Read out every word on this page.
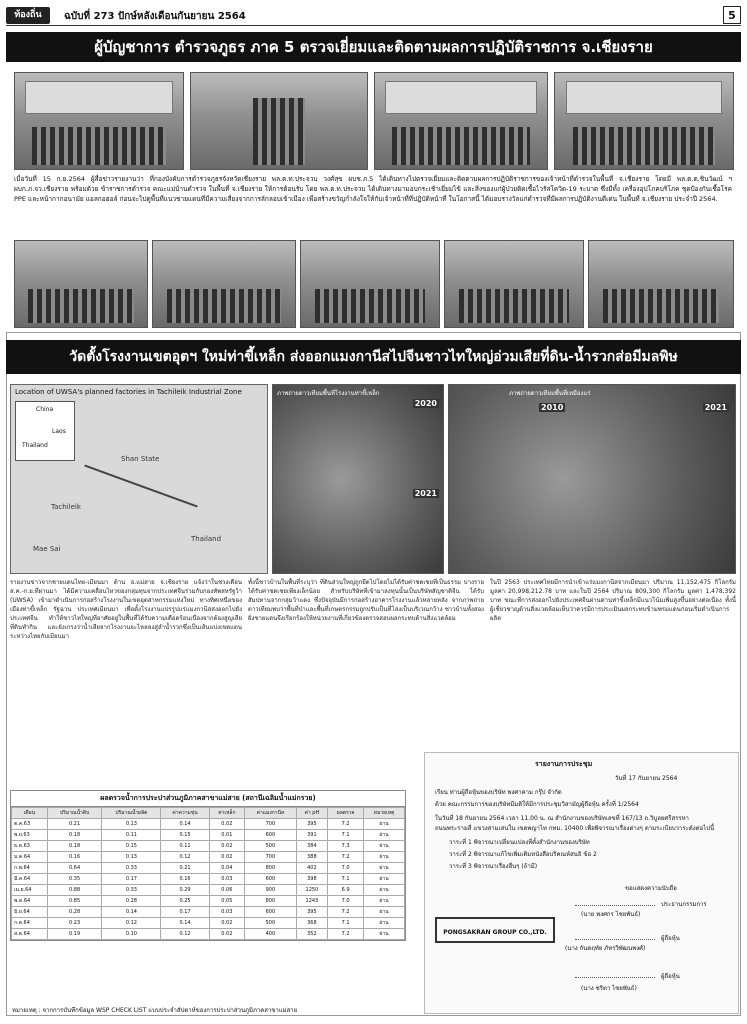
ท้องถิ่น	ฉบับที่ 273 ปักษ์หลังเดือนกันยายน 2564	5
ผู้บัญชาการ ตำรวจภูธร ภาค 5 ตรวจเยี่ยมและติดตามผลการปฏิบัติราชการ จ.เชียงราย
เมื่อวันที่ 15 ก.ย.2564 ผู้สื่อข่าวรายงานว่า ที่กองบังคับการตำรวจภูธรจังหวัดเชียงราย พล.ต.ท.ประจวบ วงศ์สุข ผบช.ภ.5 ได้เดินทางไปตรวจเยี่ยมและติดตามผลการปฏิบัติราชการของเจ้าหน้าที่ตำรวจในพื้นที่ จ.เชียงราย โดยมี พล.ต.ต.ชินวัฒน์ ฯ ผบก.ภ.จว.เชียงราย พร้อมด้วย ข้าราชการตำรวจ คณะแม่บ้านตำรวจ ในพื้นที่ จ.เชียงราย ให้การต้อนรับ โดย พล.ต.ท.ประจวบ ได้เดินทางมามอบกระเช้าเยี่ยมไข้ และสิ่งของแก่ผู้ป่วยติดเชื้อไวรัสโควิด-19 ระบาด ซึ่งมีทั้ง เครื่องอุปโภคบริโภค ชุดป้องกันเชื้อโรค PPE และหน้ากากอนามัย แอลกอฮอล์ ก่อนจะไปดูพื้นที่แนวชายแดนที่มีความเสี่ยงจากการลักลอบเข้าเมือง เพื่อสร้างขวัญกำลังใจให้กับเจ้าหน้าที่ที่ปฏิบัติหน้าที่ ในโอกาสนี้ ได้มอบรางวัลแก่ตำรวจที่มีผลการปฏิบัติงานดีเด่น ในพื้นที่ จ.เชียงราย ประจำปี 2564.
วัดตั้งโรงงานเขตอุตฯ ใหม่ท่าขี้เหล็ก ส่งออกแมงกานีสไปจีนชาวไทใหญ่อ่วมเสียที่ดิน-น้ำรวกส่อมีมลพิษ
Location of UWSA's planned factories in Tachileik Industrial Zone
China
Laos
Thailand
Shan State
Tachileik
Thailand
Mae Sai
ภาพถ่ายดาวเทียมพื้นที่โรงงานท่าขี้เหล็ก
2020
2021
ภาพถ่ายดาวเทียมพื้นที่เหมืองแร่
2010	2021
รายงานข่าวจากชายแดนไทย-เมียนมา ด้าน อ.แม่สาย จ.เชียงราย แจ้งว่าในช่วงเดือน ส.ค.-ก.ย.ที่ผ่านมา ได้มีความเคลื่อนไหวของกลุ่มทุนจากประเทศจีนร่วมกับกองทัพสหรัฐว้า (UWSA) เข้ามาดำเนินการก่อสร้างโรงงานในเขตอุตสาหกรรมแห่งใหม่ ทางทิศเหนือของเมืองท่าขี้เหล็ก รัฐฉาน ประเทศเมียนมา เพื่อตั้งโรงงานแปรรูปแร่แมงกานีสส่งออกไปยังประเทศจีน ทำให้ชาวไทใหญ่ที่อาศัยอยู่ในพื้นที่ได้รับความเดือดร้อนเนื่องจากต้องสูญเสียที่ดินทำกิน และยังเกรงว่าน้ำเสียจากโรงงานจะไหลลงสู่ลำน้ำรวกซึ่งเป็นเส้นแบ่งเขตแดนระหว่างไทยกับเมียนมา
ทั้งนี้ชาวบ้านในพื้นที่ระบุว่า ที่ดินส่วนใหญ่ถูกยึดไปโดยไม่ได้รับค่าชดเชยที่เป็นธรรม บางรายได้รับค่าชดเชยเพียงเล็กน้อย สำหรับบริษัทที่เข้ามาลงทุนนั้นเป็นบริษัทสัญชาติจีน ได้รับสัมปทานจากกลุ่มว้าแดง ซึ่งปัจจุบันมีการก่อสร้างอาคารโรงงานแล้วหลายหลัง จากภาพถ่ายดาวเทียมพบว่าพื้นที่ป่าและพื้นที่เกษตรกรรมถูกปรับเป็นที่โล่งเป็นบริเวณกว้าง ชาวบ้านทั้งสองฝั่งชายแดนจึงเรียกร้องให้หน่วยงานที่เกี่ยวข้องตรวจสอบผลกระทบด้านสิ่งแวดล้อม
ในปี 2563 ประเทศไทยมีการนำเข้าแร่แมงกานีสจากเมียนมา ปริมาณ 11,152,475 กิโลกรัม มูลค่า 20,998,212.78 บาท และในปี 2564 ปริมาณ 809,300 กิโลกรัม มูลค่า 1,478,392 บาท ขณะที่การส่งออกไปยังประเทศจีนผ่านด่านท่าขี้เหล็กมีแนวโน้มเพิ่มสูงขึ้นอย่างต่อเนื่อง ทั้งนี้ผู้เชี่ยวชาญด้านสิ่งแวดล้อมเห็นว่าควรมีการประเมินผลกระทบข้ามพรมแดนก่อนเริ่มดำเนินการผลิต
ผลตรวจน้ำการประปาส่วนภูมิภาคสาขาแม่สาย (สถานีเฉลิมน้ำแม่กรวย)
เดือน	ปริมาณน้ำดิบ	ปริมาณน้ำผลิต	ค่าความขุ่น	ค่าเหล็ก	ค่าแมงกานีส	ค่า pH	ผลตรวจ	หมายเหตุ
ต.ค.63	0.21	0.13	0.14	0.02	700	395	7.2	ผ่าน
พ.ย.63	0.18	0.11	0.15	0.01	600	391	7.1	ผ่าน
ธ.ค.63	0.18	0.15	0.11	0.02	500	384	7.3	ผ่าน
ม.ค.64	0.16	0.13	0.12	0.02	700	388	7.2	ผ่าน
ก.พ.64	0.64	0.33	0.21	0.04	800	402	7.0	ผ่าน
มี.ค.64	0.35	0.17	0.16	0.03	600	398	7.1	ผ่าน
เม.ย.64	0.88	0.33	0.29	0.06	900	1250	6.9	ผ่าน
พ.ค.64	0.85	0.28	0.25	0.05	800	1243	7.0	ผ่าน
มิ.ย.64	0.28	0.14	0.17	0.03	600	395	7.2	ผ่าน
ก.ค.64	0.23	0.12	0.14	0.02	500	368	7.1	ผ่าน
ส.ค.64	0.19	0.10	0.12	0.02	400	352	7.2	ผ่าน
หมายเหตุ : จากการบันทึกข้อมูล WSP CHECK LIST แบบประจำสัปดาห์ของการประปาส่วนภูมิภาคสาขาแม่สาย
รายงานการประชุม
วันที่ 17 กันยายน 2564
เรียน ท่านผู้ถือหุ้นของบริษัท พงศาคาม กรุ๊ป จำกัด
ด้วย คณะกรรมการของบริษัทมีมติให้มีการประชุมวิสามัญผู้ถือหุ้น ครั้งที่ 1/2564
ในวันที่ 18 กันยายน 2564 เวลา 11.00 น. ณ สำนักงานของบริษัทเลขที่ 167/13 ถ.วิบูลยศรีสรรหา
ถนนพระรามสี่ แขวงสามเสนใน เขตพญาไท กทม. 10400 เพื่อพิจารณาเรื่องต่างๆ ตามระเบียบวาระดังต่อไปนี้
วาระที่ 1 พิจารณาเปลี่ยนแปลงที่ตั้งสำนักงานของบริษัท
วาระที่ 2 พิจารณาแก้ไขเพิ่มเติมหนังสือบริคณห์สนธิ ข้อ 2
วาระที่ 3 พิจารณาเรื่องอื่นๆ (ถ้ามี)
ขอแสดงความนับถือ
ประธานกรรมการ
(นาย พงศกร ไชยพันธ์)
PONGSAKRAN GROUP CO.,LTD.
ผู้ถือหุ้น
(นาง กันตฤทัย ภัทรวิพัฒนพงศ์)
ผู้ถือหุ้น
(นาง ชริตา ไชยพันธ์)
